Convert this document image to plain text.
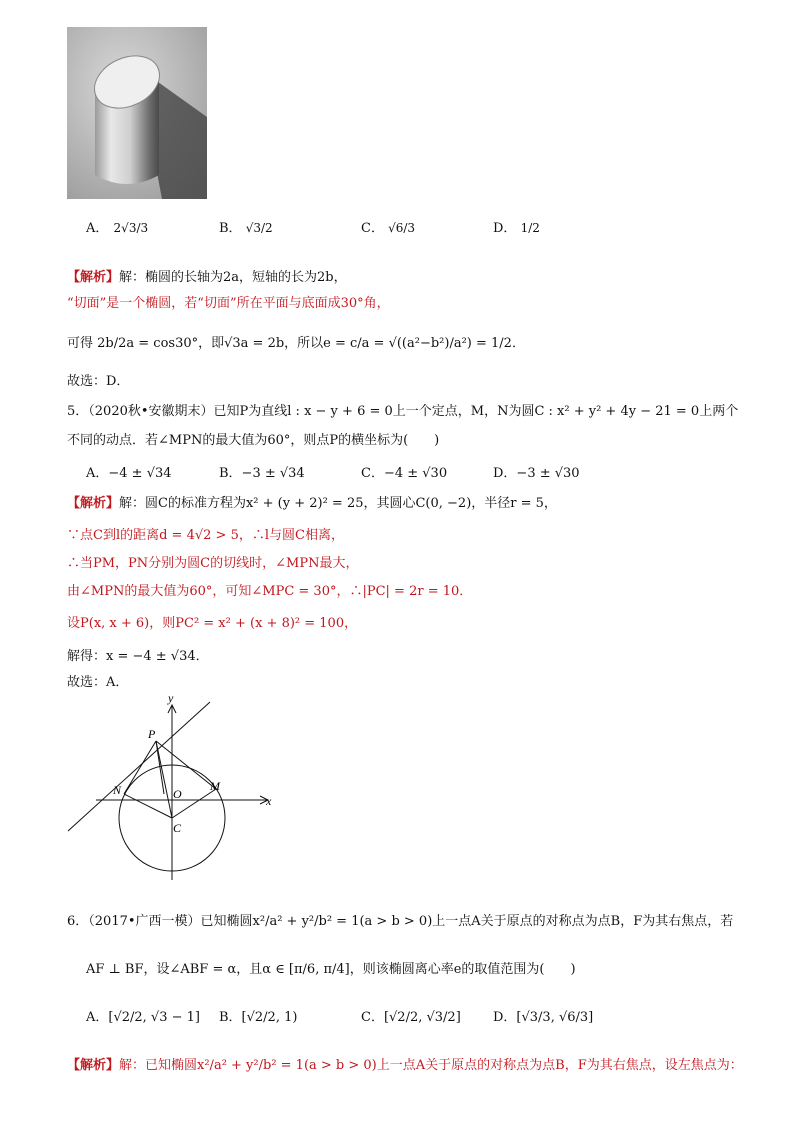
A． 2√3/3	B． √3/2	C． √6/3	D． 1/2
【解析】解：椭圆的长轴为2a，短轴的长为2b，
“切面”是一个椭圆，若“切面”所在平面与底面成30°角，
可得 2b/2a = cos30°，即√3a = 2b，所以e = c/a = √((a²−b²)/a²) = 1/2．
故选：D．
5．（2020秋•安徽期末）已知P为直线l : x − y + 6 = 0上一个定点，M，N为圆C : x² + y² + 4y − 21 = 0上两个
不同的动点．若∠MPN的最大值为60°，则点P的横坐标为(　　)
A．−4 ± √34	B．−3 ± √34	C．−4 ± √30	D．−3 ± √30
【解析】解：圆C的标准方程为x² + (y + 2)² = 25，其圆心C(0, −2)，半径r = 5，
∵点C到l的距离d = 4√2 > 5，∴l与圆C相离，
∴当PM，PN分别为圆C的切线时，∠MPN最大，
由∠MPN的最大值为60°，可知∠MPC = 30°，∴|PC| = 2r = 10．
设P(x, x + 6)，则PC² = x² + (x + 8)² = 100，
解得：x = −4 ± √34．
故选：A．
y
x
P
N	O
M
C
6．（2017•广西一模）已知椭圆x²/a² + y²/b² = 1(a > b > 0)上一点A关于原点的对称点为点B，F为其右焦点，若
AF ⊥ BF，设∠ABF = α，且α ∈ [π/6, π/4]，则该椭圆离心率e的取值范围为(　　)
A．[√2/2, √3 − 1] B．[√2/2, 1)	C．[√2/2, √3/2] D．[√3/3, √6/3]
【解析】解：已知椭圆x²/a² + y²/b² = 1(a > b > 0)上一点A关于原点的对称点为点B，F为其右焦点，设左焦点为：
